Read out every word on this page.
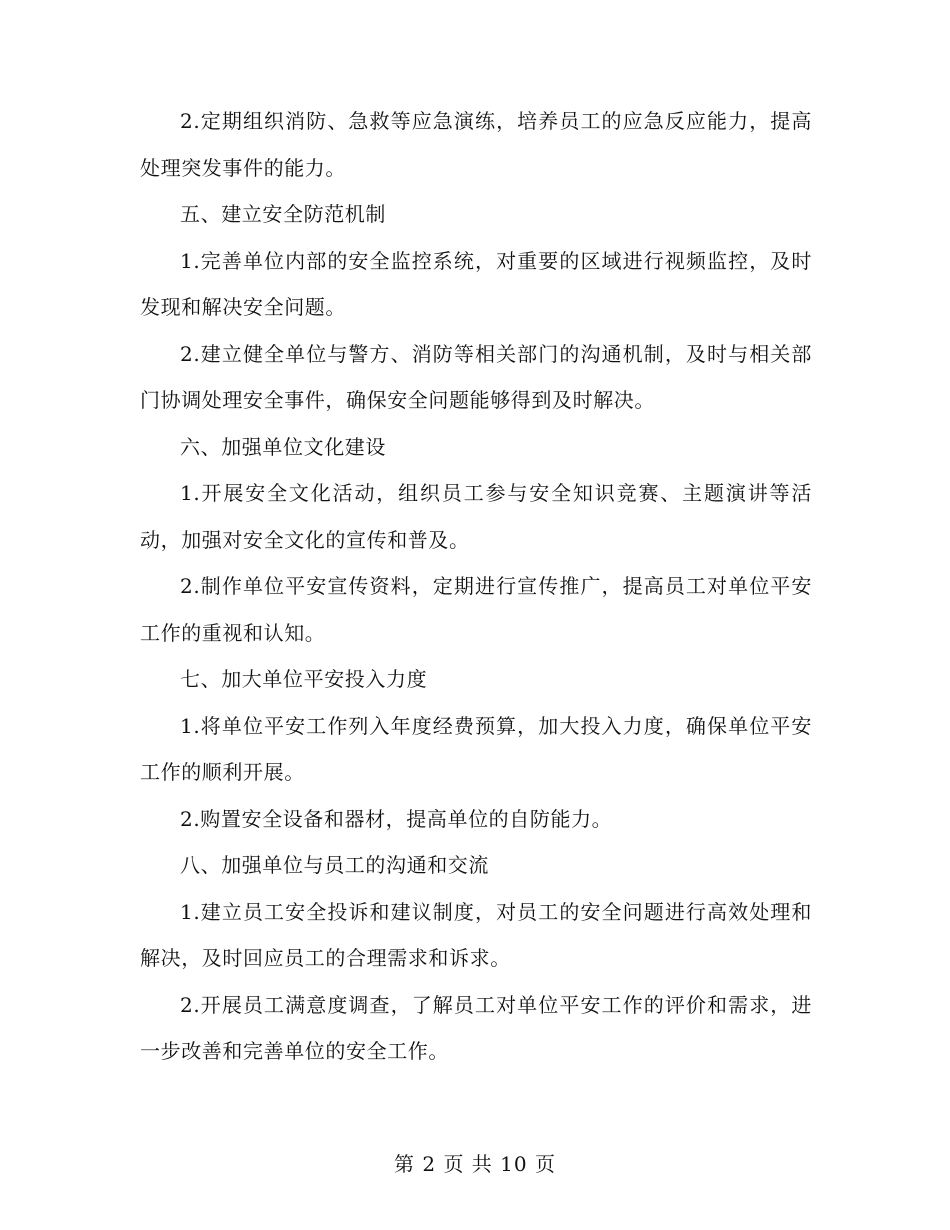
2.定期组织消防、急救等应急演练，培养员工的应急反应能力，提高处理突发事件的能力。

五、建立安全防范机制

1.完善单位内部的安全监控系统，对重要的区域进行视频监控，及时发现和解决安全问题。

2.建立健全单位与警方、消防等相关部门的沟通机制，及时与相关部门协调处理安全事件，确保安全问题能够得到及时解决。

六、加强单位文化建设

1.开展安全文化活动，组织员工参与安全知识竞赛、主题演讲等活动，加强对安全文化的宣传和普及。

2.制作单位平安宣传资料，定期进行宣传推广，提高员工对单位平安工作的重视和认知。

七、加大单位平安投入力度

1.将单位平安工作列入年度经费预算，加大投入力度，确保单位平安工作的顺利开展。

2.购置安全设备和器材，提高单位的自防能力。

八、加强单位与员工的沟通和交流

1.建立员工安全投诉和建议制度，对员工的安全问题进行高效处理和解决，及时回应员工的合理需求和诉求。

2.开展员工满意度调查，了解员工对单位平安工作的评价和需求，进一步改善和完善单位的安全工作。

第 2 页 共 10 页
